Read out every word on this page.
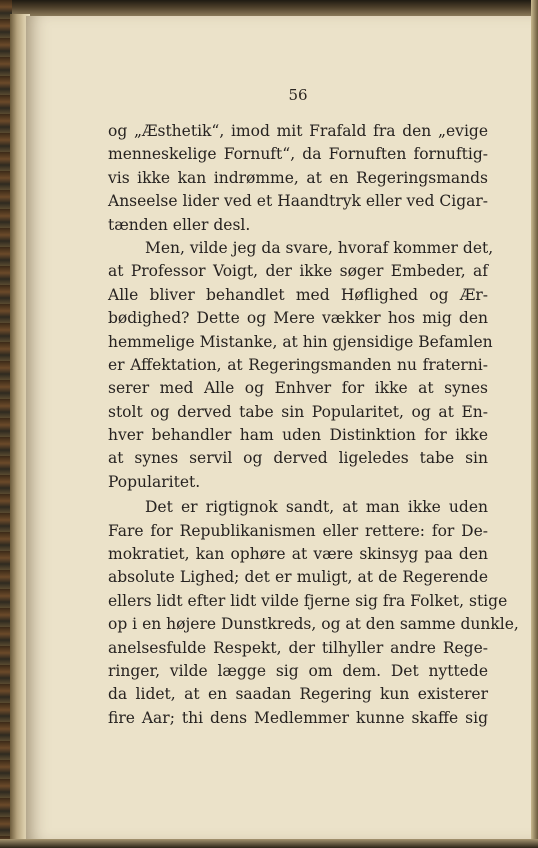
56
og „Æsthetik“, imod mit Frafald fra den „evige
menneskelige Fornuft“, da Fornuften fornuftig-
vis ikke kan indrømme, at en Regeringsmands
Anseelse lider ved et Haandtryk eller ved Cigar-
tænden eller desl.
Men, vilde jeg da svare, hvoraf kommer det,
at Professor Voigt, der ikke søger Embeder, af
Alle bliver behandlet med Høflighed og Ær-
bødighed? Dette og Mere vækker hos mig den
hemmelige Mistanke, at hin gjensidige Befamlen
er Affektation, at Regeringsmanden nu fraterni-
serer med Alle og Enhver for ikke at synes
stolt og derved tabe sin Popularitet, og at En-
hver behandler ham uden Distinktion for ikke
at synes servil og derved ligeledes tabe sin
Popularitet.
Det er rigtignok sandt, at man ikke uden
Fare for Republikanismen eller rettere: for De-
mokratiet, kan ophøre at være skinsyg paa den
absolute Lighed; det er muligt, at de Regerende
ellers lidt efter lidt vilde fjerne sig fra Folket, stige
op i en højere Dunstkreds, og at den samme dunkle,
anelsesfulde Respekt, der tilhyller andre Rege-
ringer, vilde lægge sig om dem. Det nyttede
da lidet, at en saadan Regering kun existerer
fire Aar; thi dens Medlemmer kunne skaffe sig
